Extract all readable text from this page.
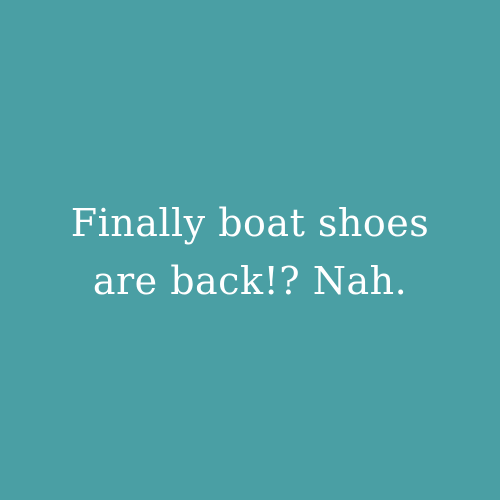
Finally boat shoes
are back!? Nah.
